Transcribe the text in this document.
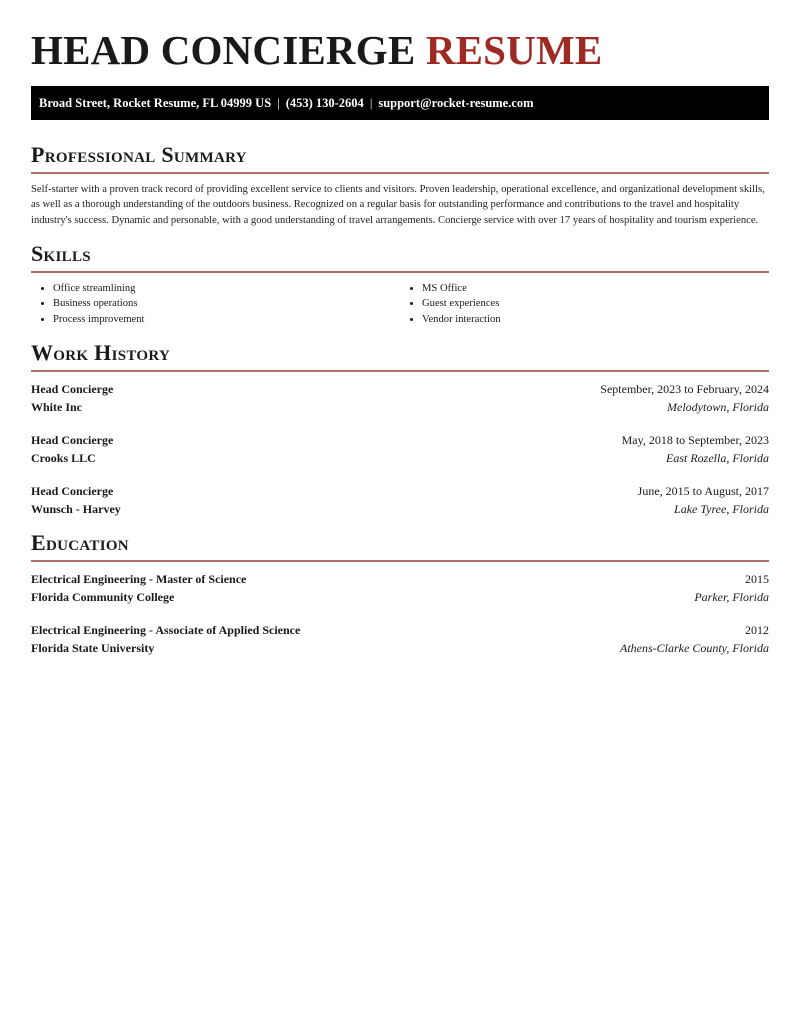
HEAD CONCIERGE RESUME
Broad Street, Rocket Resume, FL 04999 US | (453) 130-2604 | support@rocket-resume.com
Professional Summary

Self-starter with a proven track record of providing excellent service to clients and visitors. Proven leadership, operational excellence, and organizational development skills, as well as a thorough understanding of the outdoors business. Recognized on a regular basis for outstanding performance and contributions to the travel and hospitality industry's success. Dynamic and personable, with a good understanding of travel arrangements. Concierge service with over 17 years of hospitality and tourism experience.

Skills
• Office streamlining
• Business operations
• Process improvement
• MS Office
• Guest experiences
• Vendor interaction
Work History
Head Concierge	September, 2023 to February, 2024
White Inc	Melodytown, Florida
Head Concierge	May, 2018 to September, 2023
Crooks LLC	East Rozella, Florida
Head Concierge	June, 2015 to August, 2017
Wunsch - Harvey	Lake Tyree, Florida
Education
Electrical Engineering - Master of Science	2015
Florida Community College	Parker, Florida
Electrical Engineering - Associate of Applied Science	2012
Florida State University	Athens-Clarke County, Florida
